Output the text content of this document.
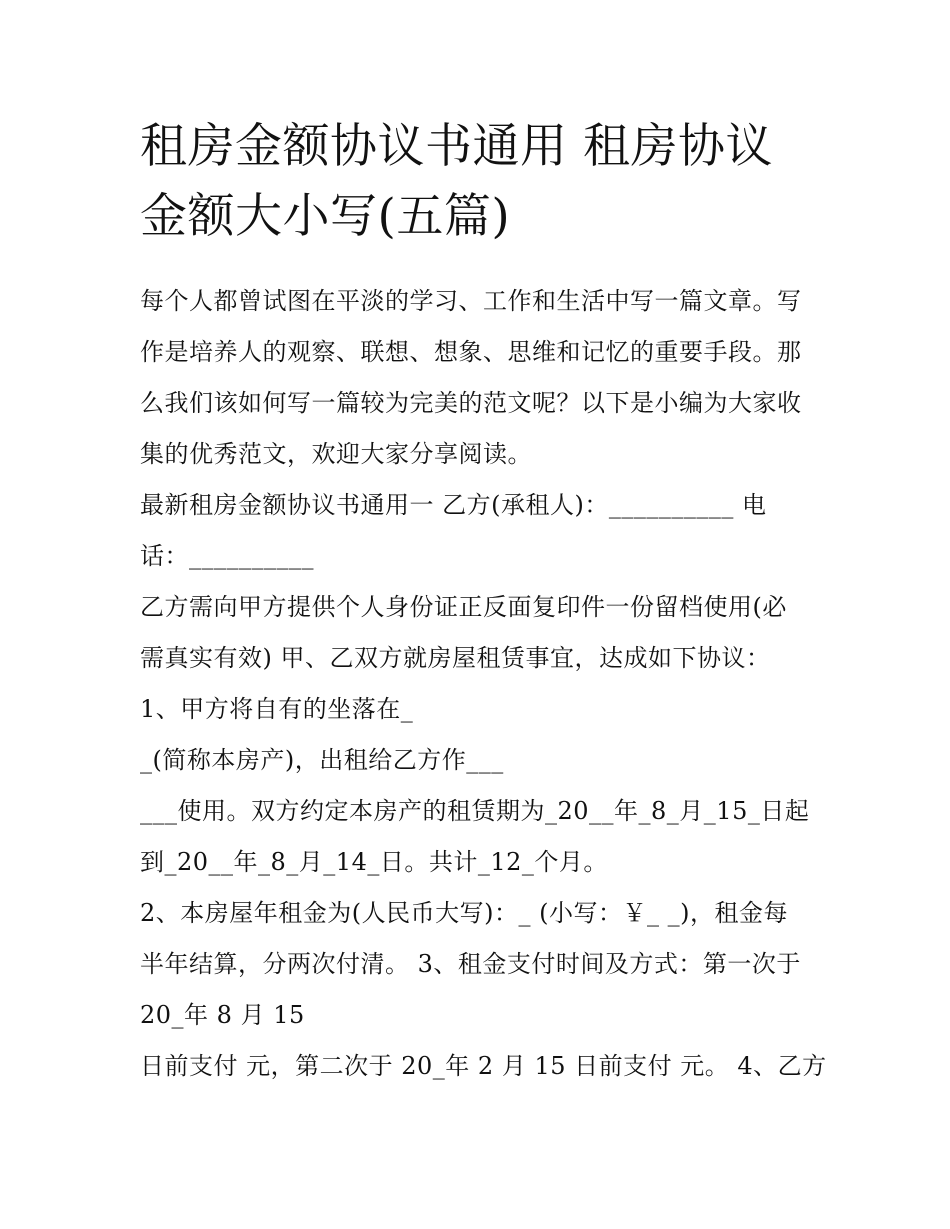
租房金额协议书通用 租房协议
金额大小写(五篇)

每个人都曾试图在平淡的学习、工作和生活中写一篇文章。写

作是培养人的观察、联想、想象、思维和记忆的重要手段。那

么我们该如何写一篇较为完美的范文呢？以下是小编为大家收

集的优秀范文，欢迎大家分享阅读。

最新租房金额协议书通用一 乙方(承租人)：__________ 电

话：__________

乙方需向甲方提供个人身份证正反面复印件一份留档使用(必

需真实有效) 甲、乙双方就房屋租赁事宜，达成如下协议：

1、甲方将自有的坐落在_

_(简称本房产)，出租给乙方作___

___使用。双方约定本房产的租赁期为_20__年_8_月_15_日起

到_20__年_8_月_14_日。共计_12_个月。

2、本房屋年租金为(人民币大写)：_ (小写：￥_ _)，租金每

半年结算，分两次付清。 3、租金支付时间及方式：第一次于

20_年 8 月 15

日前支付 元，第二次于 20_年 2 月 15 日前支付 元。 4、乙方
